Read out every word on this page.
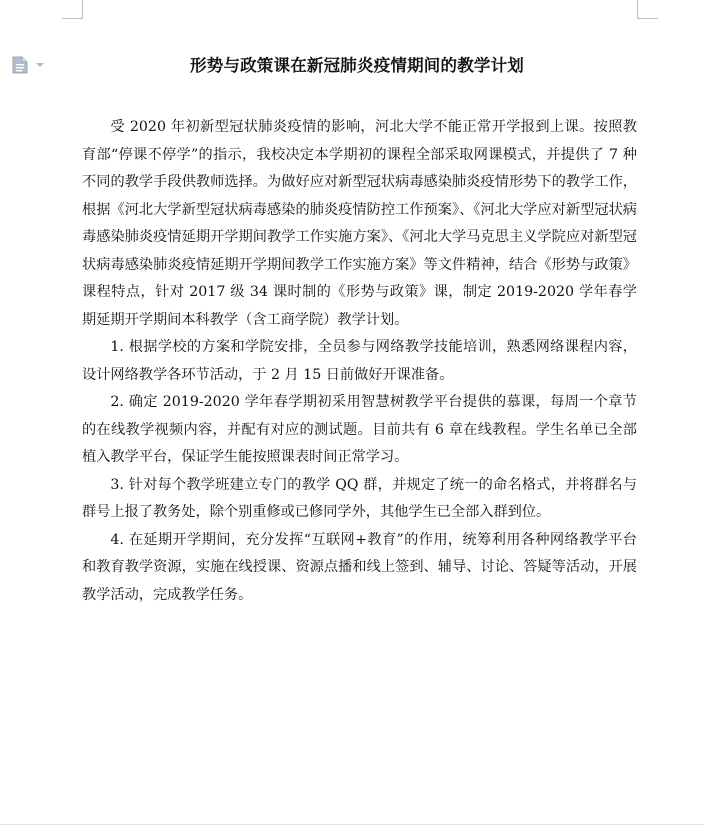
形势与政策课在新冠肺炎疫情期间的教学计划

受 2020 年初新型冠状肺炎疫情的影响，河北大学不能正常开学报到上课。按照教育部“停课不停学”的指示，我校决定本学期初的课程全部采取网课模式，并提供了 7 种不同的教学手段供教师选择。为做好应对新型冠状病毒感染肺炎疫情形势下的教学工作，根据《河北大学新型冠状病毒感染的肺炎疫情防控工作预案》、《河北大学应对新型冠状病毒感染肺炎疫情延期开学期间教学工作实施方案》、《河北大学马克思主义学院应对新型冠状病毒感染肺炎疫情延期开学期间教学工作实施方案》等文件精神，结合《形势与政策》课程特点，针对 2017 级 34 课时制的《形势与政策》课，制定 2019-2020 学年春学期延期开学期间本科教学（含工商学院）教学计划。

1. 根据学校的方案和学院安排，全员参与网络教学技能培训，熟悉网络课程内容，设计网络教学各环节活动，于 2 月 15 日前做好开课准备。

2. 确定 2019-2020 学年春学期初采用智慧树教学平台提供的慕课，每周一个章节的在线教学视频内容，并配有对应的测试题。目前共有 6 章在线教程。学生名单已全部植入教学平台，保证学生能按照课表时间正常学习。

3. 针对每个教学班建立专门的教学 QQ 群，并规定了统一的命名格式，并将群名与群号上报了教务处，除个别重修或已修同学外，其他学生已全部入群到位。

4. 在延期开学期间，充分发挥“互联网+教育”的作用，统筹利用各种网络教学平台和教育教学资源，实施在线授课、资源点播和线上签到、辅导、讨论、答疑等活动，开展教学活动，完成教学任务。
